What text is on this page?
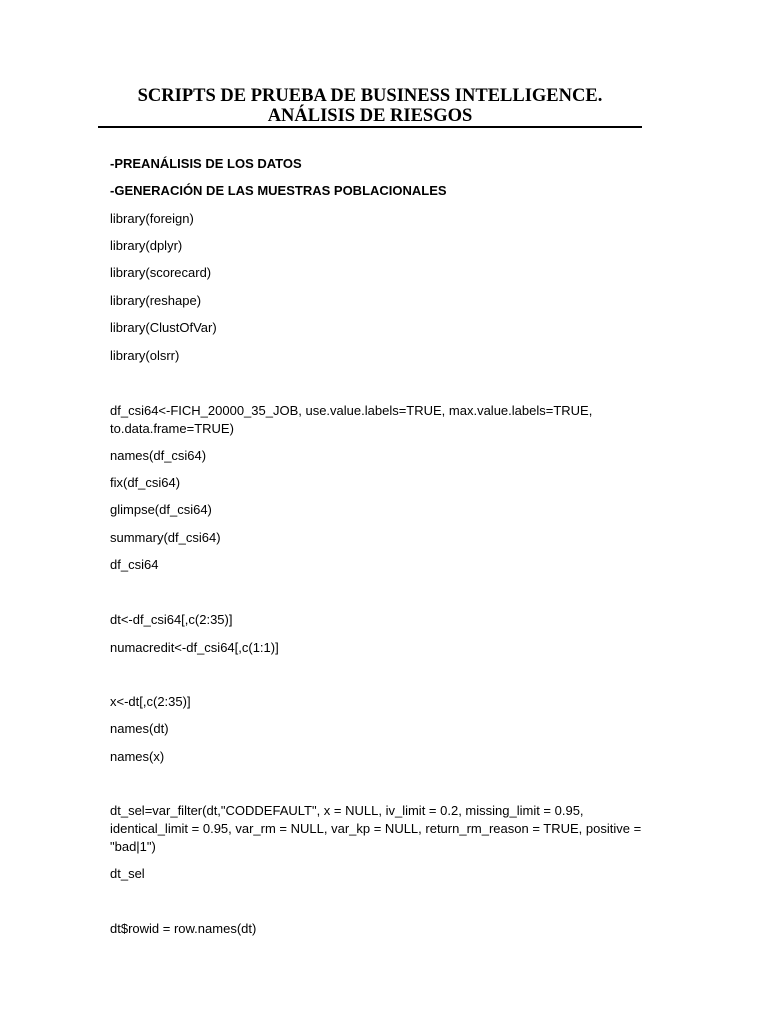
SCRIPTS DE PRUEBA DE BUSINESS INTELLIGENCE.
ANÁLISIS DE RIESGOS
-PREANÁLISIS DE LOS DATOS
-GENERACIÓN DE LAS MUESTRAS POBLACIONALES
library(foreign)
library(dplyr)
library(scorecard)
library(reshape)
library(ClustOfVar)
library(olsrr)
df_csi64<-FICH_20000_35_JOB, use.value.labels=TRUE, max.value.labels=TRUE,
to.data.frame=TRUE)
names(df_csi64)
fix(df_csi64)
glimpse(df_csi64)
summary(df_csi64)
df_csi64
dt<-df_csi64[,c(2:35)]
numacredit<-df_csi64[,c(1:1)]
x<-dt[,c(2:35)]
names(dt)
names(x)
dt_sel=var_filter(dt,"CODDEFAULT", x = NULL, iv_limit = 0.2, missing_limit = 0.95,
identical_limit = 0.95, var_rm = NULL, var_kp = NULL, return_rm_reason = TRUE, positive =
"bad|1")
dt_sel
dt$rowid = row.names(dt)
